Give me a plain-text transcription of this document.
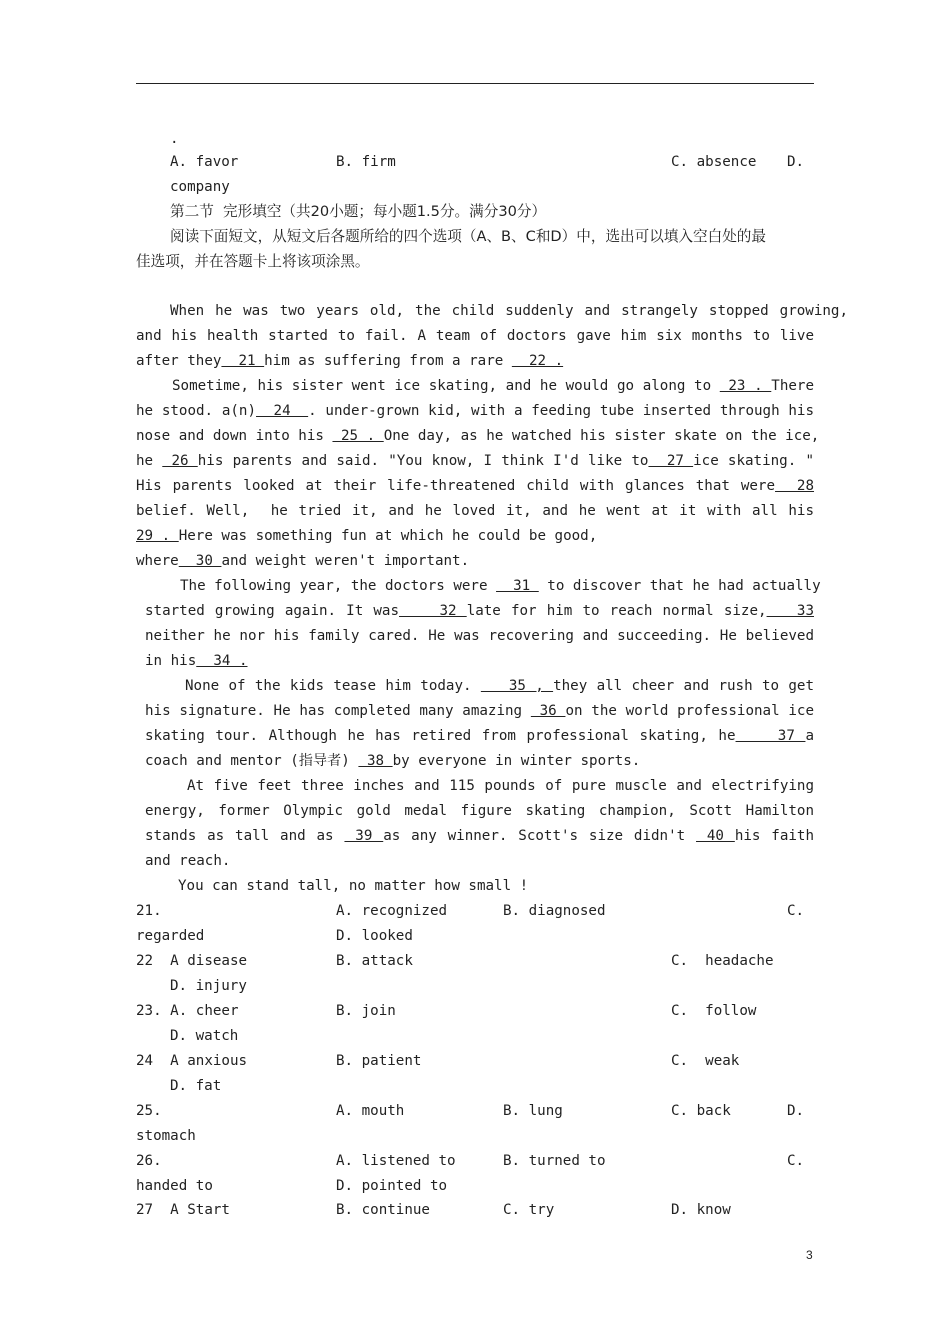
.
A. favor	B. firm	C. absence D.
company
第二节  完形填空（共20小题；每小题1.5分。满分30分）
阅读下面短文，从短文后各题所给的四个选项（A、B、C和D）中，选出可以填入空白处的最
佳选项，并在答题卡上将该项涂黑。
When he was two years old, the child suddenly and strangely stopped growing,
and his health started to fail. A team of doctors gave him six months to live
after they  21 him as suffering from a rare   22 .
Sometime, his sister went ice skating, and he would go along to  23 . There
he stood. a(n)  24  . under-grown kid, with a feeding tube inserted through his
nose and down into his  25 . One day, as he watched his sister skate on the ice,
he  26 his parents and said. "You know, I think I'd like to  27 ice skating. "
His parents looked at their life-threatened child with glances that were  28
belief. Well,  he tried it, and he loved it, and he went at it with all his
29 . Here was something fun at which he could be good,
where  30 and weight weren't important.
The following year, the doctors were   31  to discover that he had actually
started growing again. It was    32 late for him to reach normal size,   33
neither he nor his family cared. He was recovering and succeeding. He believed
in his  34 .
None of the kids tease him today.    35 , they all cheer and rush to get
his signature. He has completed many amazing  36 on the world professional ice
skating tour. Although he has retired from professional skating, he    37 a
coach and mentor (指导者)  38 by everyone in winter sports.
At five feet three inches and 115 pounds of pure muscle and electrifying
energy, former Olympic gold medal figure skating champion, Scott Hamilton
stands as tall and as  39 as any winner. Scott's size didn't  40 his faith
and reach.
You can stand tall, no matter how small !
21.	A. recognized	B. diagnosed	C.
regarded	D. looked
22  A disease	B. attack	C.  headache
D. injury
23. A. cheer	B. join	C.  follow
D. watch
24  A anxious	B. patient	C.  weak
D. fat
25.	A. mouth	B. lung	C. back	D.
stomach
26.	A. listened to	B. turned to	C.
handed to	D. pointed to
27  A Start	B. continue	C. try	D. know
3
